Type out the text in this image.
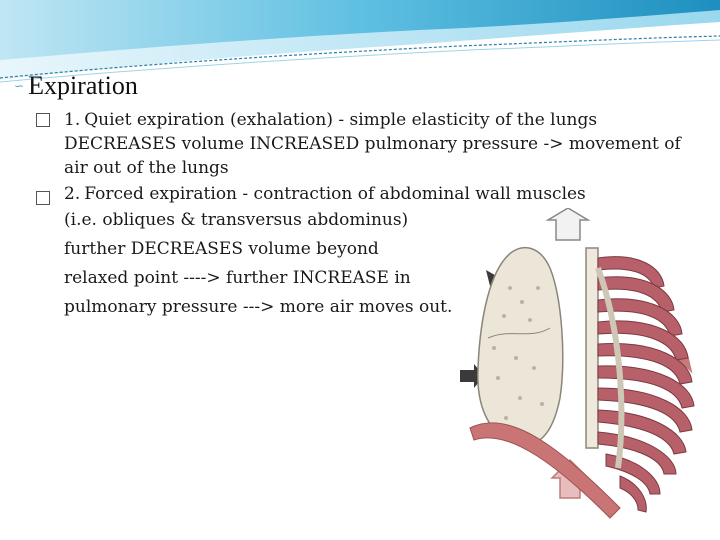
∽ Expiration
1. Quiet expiration (exhalation) - simple elasticity of the lungs
DECREASES volume INCREASED pulmonary pressure -> movement of
air out of the lungs
2. Forced expiration - contraction of abdominal wall muscles
(i.e. obliques & transversus abdominus)
further DECREASES volume beyond
relaxed point ----> further INCREASE in
pulmonary pressure ---> more air moves out.
